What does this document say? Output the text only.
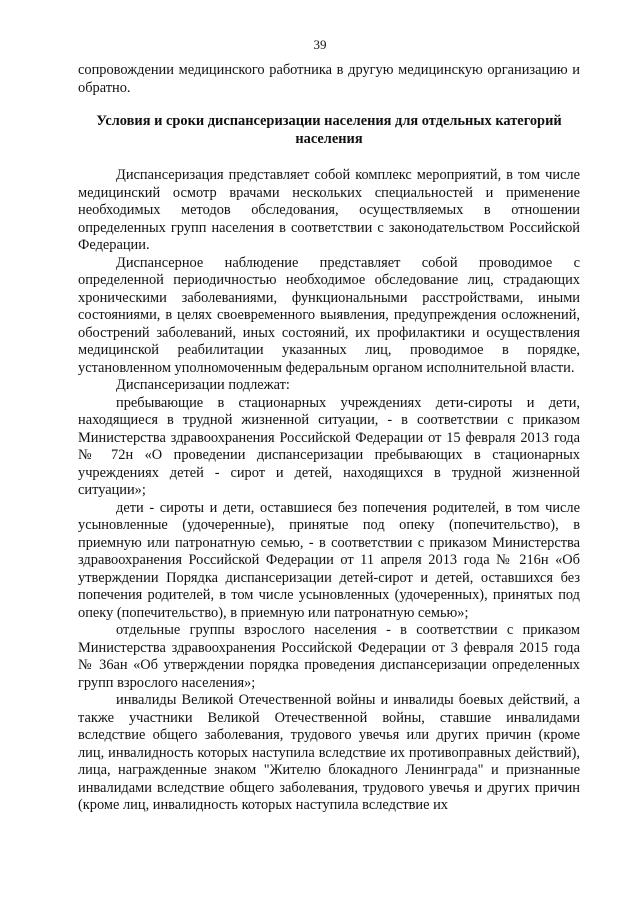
39

сопровождении медицинского работника в другую медицинскую организацию и обратно.

Условия и сроки диспансеризации населения для отдельных категорий населения

Диспансеризация представляет собой комплекс мероприятий, в том числе медицинский осмотр врачами нескольких специальностей и применение необходимых методов обследования, осуществляемых в отношении определенных групп населения в соответствии с законодательством Российской Федерации.

Диспансерное наблюдение представляет собой проводимое с определенной периодичностью необходимое обследование лиц, страдающих хроническими заболеваниями, функциональными расстройствами, иными состояниями, в целях своевременного выявления, предупреждения осложнений, обострений заболеваний, иных состояний, их профилактики и осуществления медицинской реабилитации указанных лиц, проводимое в порядке, установленном уполномоченным федеральным органом исполнительной власти.

Диспансеризации подлежат:

пребывающие в стационарных учреждениях дети-сироты и дети, находящиеся в трудной жизненной ситуации, - в соответствии с приказом Министерства здравоохранения Российской Федерации от 15 февраля 2013 года № 72н «О проведении диспансеризации пребывающих в стационарных учреждениях детей - сирот и детей, находящихся в трудной жизненной ситуации»;

дети - сироты и дети, оставшиеся без попечения родителей, в том числе усыновленные (удочеренные), принятые под опеку (попечительство), в приемную или патронатную семью, - в соответствии с приказом Министерства здравоохранения Российской Федерации от 11 апреля 2013 года № 216н «Об утверждении Порядка диспансеризации детей-сирот и детей, оставшихся без попечения родителей, в том числе усыновленных (удочеренных), принятых под опеку (попечительство), в приемную или патронатную семью»;

отдельные группы взрослого населения - в соответствии с приказом Министерства здравоохранения Российской Федерации от 3 февраля 2015 года № 36ан «Об утверждении порядка проведения диспансеризации определенных групп взрослого населения»;

инвалиды Великой Отечественной войны и инвалиды боевых действий, а также участники Великой Отечественной войны, ставшие инвалидами вследствие общего заболевания, трудового увечья или других причин (кроме лиц, инвалидность которых наступила вследствие их противоправных действий), лица, награжденные знаком "Жителю блокадного Ленинграда" и признанные инвалидами вследствие общего заболевания, трудового увечья и других причин (кроме лиц, инвалидность которых наступила вследствие их
